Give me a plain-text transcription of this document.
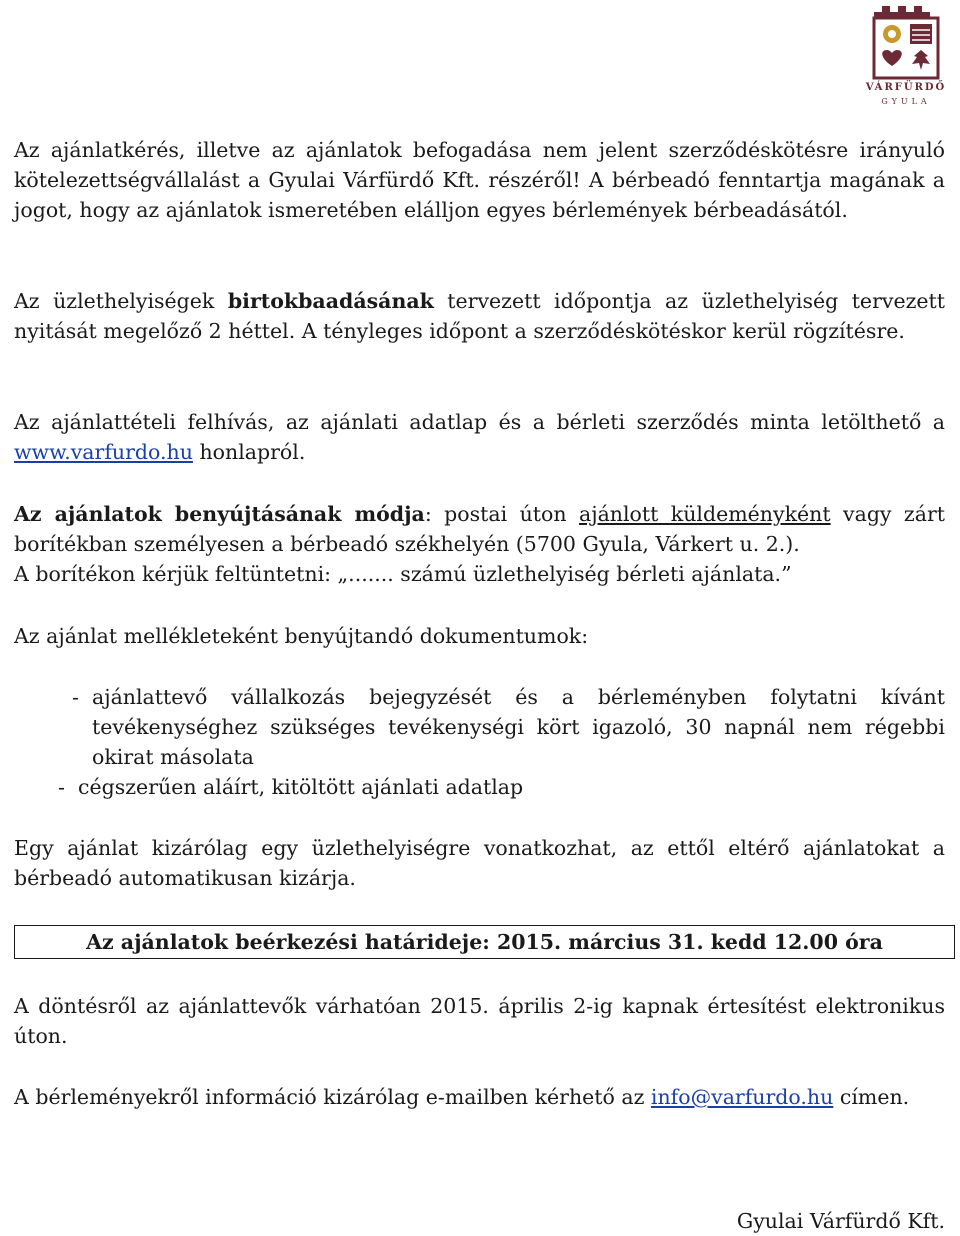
VÁRFÜRDŐ
GYULA

Az ajánlatkérés, illetve az ajánlatok befogadása nem jelent szerződéskötésre irányuló kötelezettségvállalást a Gyulai Várfürdő Kft. részéről! A bérbeadó fenntartja magának a jogot, hogy az ajánlatok ismeretében elálljon egyes bérlemények bérbeadásától.

Az üzlethelyiségek birtokbaadásának tervezett időpontja az üzlethelyiség tervezett nyitását megelőző 2 héttel. A tényleges időpont a szerződéskötéskor kerül rögzítésre.

Az ajánlattételi felhívás, az ajánlati adatlap és a bérleti szerződés minta letölthető a www.varfurdo.hu honlapról.

Az ajánlatok benyújtásának módja: postai úton ajánlott küldeményként vagy zárt borítékban személyesen a bérbeadó székhelyén (5700 Gyula, Várkert u. 2.).

A borítékon kérjük feltüntetni: „....... számú üzlethelyiség bérleti ajánlata.”

Az ajánlat mellékleteként benyújtandó dokumentumok:

- ajánlattevő vállalkozás bejegyzését és a bérleményben folytatni kívánt tevékenységhez szükséges tevékenységi kört igazoló, 30 napnál nem régebbi okirat másolata
- cégszerűen aláírt, kitöltött ajánlati adatlap

Egy ajánlat kizárólag egy üzlethelyiségre vonatkozhat, az ettől eltérő ajánlatokat a bérbeadó automatikusan kizárja.

Az ajánlatok beérkezési határideje: 2015. március 31. kedd 12.00 óra

A döntésről az ajánlattevők várhatóan 2015. április 2-ig kapnak értesítést elektronikus úton.

A bérleményekről információ kizárólag e-mailben kérhető az info@varfurdo.hu címen.

Gyulai Várfürdő Kft.
